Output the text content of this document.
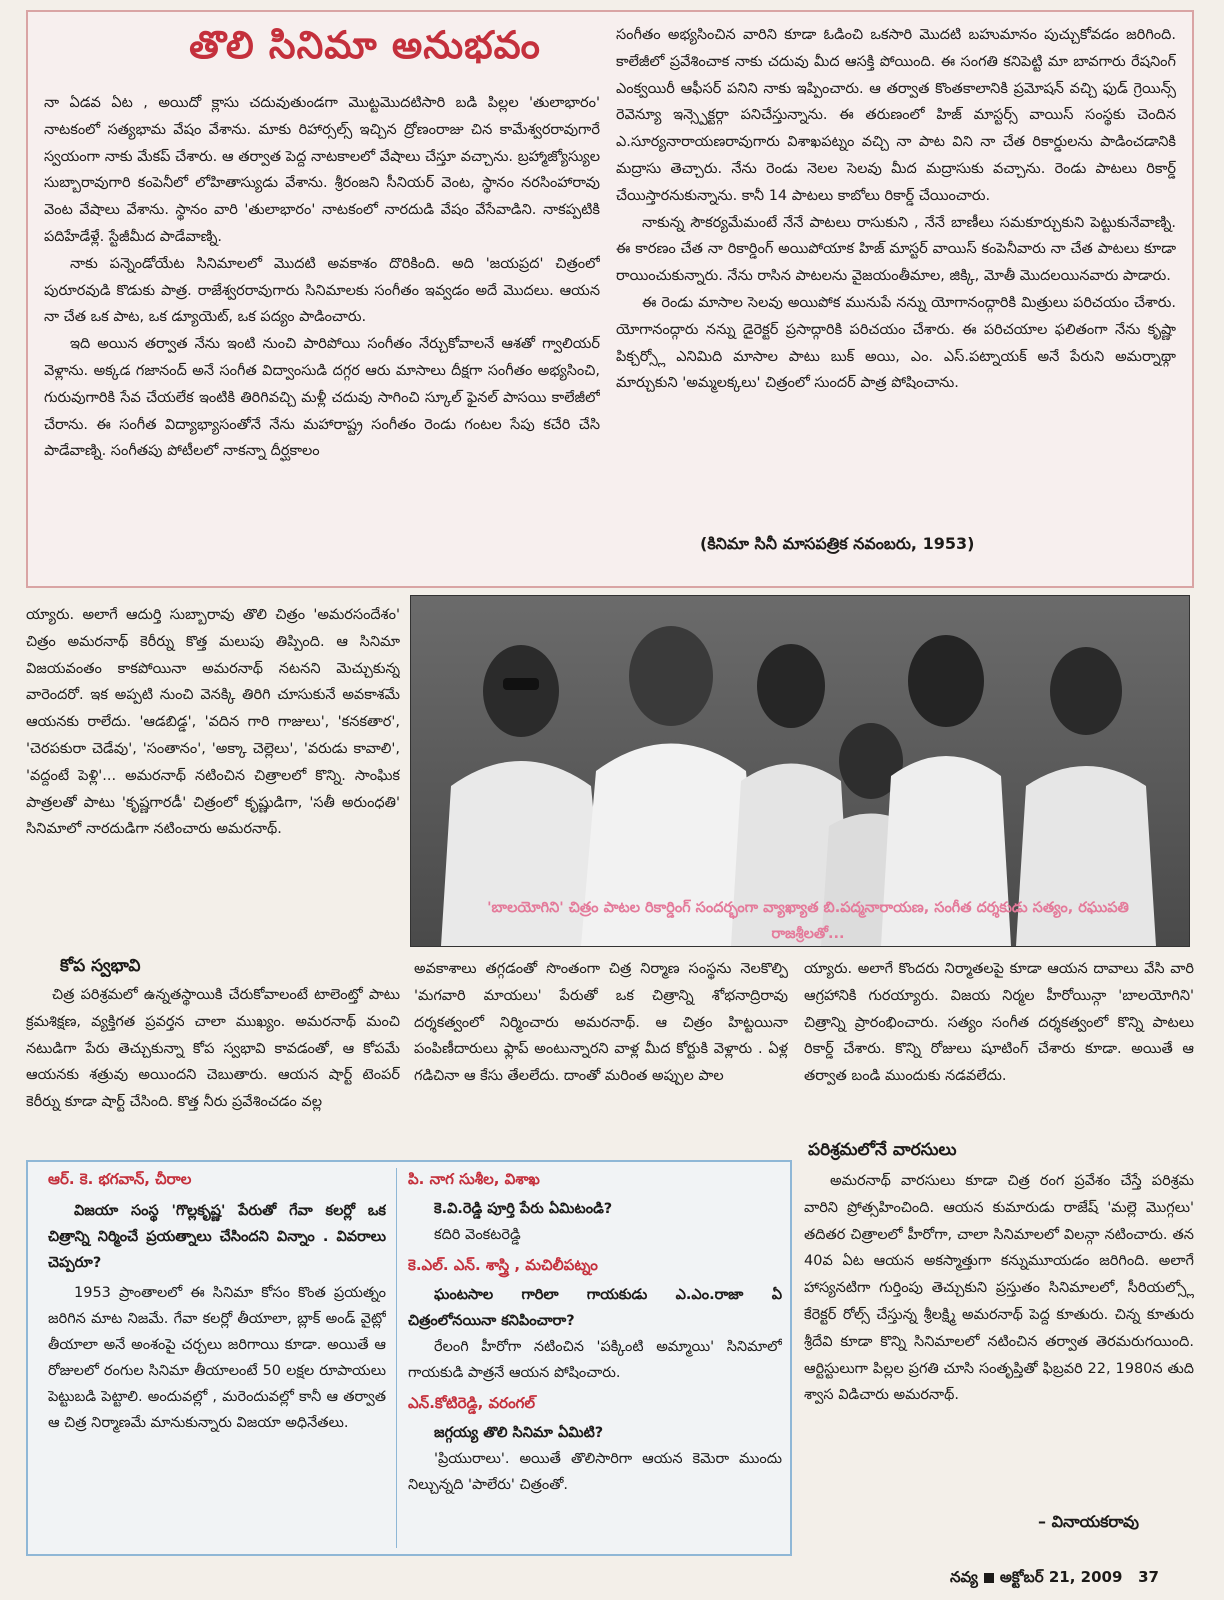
తొలి సినిమా అనుభవం

నా ఏడవ ఏట , అయిదో క్లాసు చదువుతుండగా మొట్టమొదటిసారి బడి పిల్లల 'తులాభారం' నాటకంలో సత్యభామ వేషం వేశాను. మాకు రిహార్సల్స్ ఇచ్చిన ద్రోణంరాజు చిన కామేశ్వరరావుగారే స్వయంగా నాకు మేకప్ చేశారు. ఆ తర్వాత పెద్ద నాటకాలలో వేషాలు చేస్తూ వచ్చాను. బ్రహ్మాజ్యోస్యుల సుబ్బారావుగారి కంపెనీలో లోహితాస్యుడు వేశాను. శ్రీరంజని సీనియర్ వెంట, స్థానం నరసింహారావు వెంట వేషాలు వేశాను. స్థానం వారి 'తులాభారం' నాటకంలో నారదుడి వేషం వేసేవాడిని. నాకప్పటికి పదిహేడేళ్లే. స్టేజీమీద పాడేవాణ్ని.

నాకు పన్నెండోయేట సినిమాలలో మొదటి అవకాశం దొరికింది. అది 'జయప్రద' చిత్రంలో పురూరవుడి కొడుకు పాత్ర. రాజేశ్వరరావుగారు సినిమాలకు సంగీతం ఇవ్వడం అదే మొదలు. ఆయన నా చేత ఒక పాట, ఒక డ్యూయెట్, ఒక పద్యం పాడించారు.

ఇది అయిన తర్వాత నేను ఇంటి నుంచి పారిపోయి సంగీతం నేర్చుకోవాలనే ఆశతో గ్వాలియర్ వెళ్లాను. అక్కడ గజానంద్ అనే సంగీత విద్వాంసుడి దగ్గర ఆరు మాసాలు దీక్షగా సంగీతం అభ్యసించి, గురువుగారికి సేవ చేయలేక ఇంటికి తిరిగివచ్చి మళ్లీ చదువు సాగించి స్కూల్ ఫైనల్ పాసయి కాలేజీలో చేరాను. ఈ సంగీత విద్యాభ్యాసంతోనే నేను మహారాష్ట్ర సంగీతం రెండు గంటల సేపు కచేరి చేసి పాడేవాణ్ని. సంగీతపు పోటీలలో నాకన్నా దీర్ఘకాలం

సంగీతం అభ్యసించిన వారిని కూడా ఓడించి ఒకసారి మొదటి బహుమానం పుచ్చుకోవడం జరిగింది. కాలేజీలో ప్రవేశించాక నాకు చదువు మీద ఆసక్తి పోయింది. ఈ సంగతి కనిపెట్టి మా బావగారు రేషనింగ్ ఎంక్వయిరీ ఆఫీసర్ పనిని నాకు ఇప్పించారు. ఆ తర్వాత కొంతకాలానికి ప్రమోషన్ వచ్చి ఫుడ్ గ్రెయిన్స్ రెవెన్యూ ఇన్స్పెక్టర్గా పనిచేస్తున్నాను. ఈ తరుణంలో హిజ్ మాస్టర్స్ వాయిస్ సంస్థకు చెందిన ఎ.సూర్యనారాయణరావుగారు విశాఖపట్నం వచ్చి నా పాట విని నా చేత రికార్డులను పాడించడానికి మద్రాసు తెచ్చారు. నేను రెండు నెలల సెలవు మీద మద్రాసుకు వచ్చాను. రెండు పాటలు రికార్డ్ చేయిస్తారనుకున్నాను. కానీ 14 పాటలు కాబోలు రికార్డ్ చేయించారు.

నాకున్న సౌకర్యమేమంటే నేనే పాటలు రాసుకుని , నేనే బాణీలు సమకూర్చుకుని పెట్టుకునేవాణ్ని. ఈ కారణం చేత నా రికార్డింగ్ అయిపోయాక హిజ్ మాస్టర్ వాయిస్ కంపెనీవారు నా చేత పాటలు కూడా రాయించుకున్నారు. నేను రాసిన పాటలను వైజయంతీమాల, జిక్కి, మోతీ మొదలయినవారు పాడారు.

ఈ రెండు మాసాల సెలవు అయిపోక మునుపే నన్ను యోగానంద్గారికి మిత్రులు పరిచయం చేశారు. యోగానంద్గారు నన్ను డైరెక్టర్ ప్రసాద్గారికి పరిచయం చేశారు. ఈ పరిచయాల ఫలితంగా నేను కృష్ణా పిక్చర్స్లో ఎనిమిది మాసాల పాటు బుక్ అయి, ఎం. ఎస్.పట్నాయక్ అనే పేరుని అమర్నాథ్గా మార్చుకుని 'అమ్మలక్కలు' చిత్రంలో సుందర్ పాత్ర పోషించాను.

(కినిమా సినీ మాసపత్రిక నవంబరు, 1953)

య్యారు. అలాగే ఆదుర్తి సుబ్బారావు తొలి చిత్రం 'అమరసందేశం' చిత్రం అమరనాథ్ కెరీర్ను కొత్త మలుపు తిప్పింది. ఆ సినిమా విజయవంతం కాకపోయినా అమరనాథ్ నటనని మెచ్చుకున్న వారెందరో. ఇక అప్పటి నుంచి వెనక్కి తిరిగి చూసుకునే అవకాశమే ఆయనకు రాలేదు. 'ఆడబిడ్డ', 'వదిన గారి గాజులు', 'కనకతార', 'చెరపకురా చెడేవు', 'సంతానం', 'అక్కా చెల్లెలు', 'వరుడు కావాలి', 'వద్దంటే పెళ్లి'... అమరనాథ్ నటించిన చిత్రాలలో కొన్ని. సాంఘిక పాత్రలతో పాటు 'కృష్ణగారడీ' చిత్రంలో కృష్ణుడిగా, 'సతీ అరుంధతి' సినిమాలో నారదుడిగా నటించారు అమరనాథ్.

కోప స్వభావి

చిత్ర పరిశ్రమలో ఉన్నతస్థాయికి చేరుకోవాలంటే టాలెంట్తో పాటు క్రమశిక్షణ, వ్యక్తిగత ప్రవర్తన చాలా ముఖ్యం. అమరనాథ్ మంచి నటుడిగా పేరు తెచ్చుకున్నా కోప స్వభావి కావడంతో, ఆ కోపమే ఆయనకు శత్రువు అయిందని చెబుతారు. ఆయన షార్ట్ టెంపర్ కెరీర్ను కూడా షార్ట్ చేసింది. కొత్త నీరు ప్రవేశించడం వల్ల

'బాలయోగిని' చిత్రం పాటల రికార్డింగ్ సందర్భంగా వ్యాఖ్యాత బి.పద్మనారాయణ, సంగీత దర్శకుడు సత్యం, రఘుపతి రాజశ్రీలతో...

అవకాశాలు తగ్గడంతో సొంతంగా చిత్ర నిర్మాణ సంస్థను నెలకొల్పి 'మగవారి మాయలు' పేరుతో ఒక చిత్రాన్ని శోభనాద్రిరావు దర్శకత్వంలో నిర్మించారు అమరనాథ్. ఆ చిత్రం హిట్టయినా పంపిణీదారులు ఫ్లాప్ అంటున్నారని వాళ్ల మీద కోర్టుకి వెళ్లారు . ఏళ్ల గడిచినా ఆ కేసు తేలలేదు. దాంతో మరింత అప్పుల పాల

య్యారు. అలాగే కొందరు నిర్మాతలపై కూడా ఆయన దావాలు వేసి వారి ఆగ్రహానికి గురయ్యారు. విజయ నిర్మల హీరోయిన్గా 'బాలయోగిని' చిత్రాన్ని ప్రారంభించారు. సత్యం సంగీత దర్శకత్వంలో కొన్ని పాటలు రికార్డ్ చేశారు. కొన్ని రోజులు షూటింగ్ చేశారు కూడా. అయితే ఆ తర్వాత బండి ముందుకు నడవలేదు.

పరిశ్రమలోనే వారసులు

అమరనాథ్ వారసులు కూడా చిత్ర రంగ ప్రవేశం చేస్తే పరిశ్రమ వారిని ప్రోత్సహించింది. ఆయన కుమారుడు రాజేష్ 'మల్లె మొగ్గలు' తదితర చిత్రాలలో హీరోగా, చాలా సినిమాలలో విలన్గా నటించారు. తన 40వ ఏట ఆయన అకస్మాత్తుగా కన్నుమూయడం జరిగింది. అలాగే హాస్యనటిగా గుర్తింపు తెచ్చుకుని ప్రస్తుతం సినిమాలలో, సీరియల్స్లో కేరెక్టర్ రోల్స్ చేస్తున్న శ్రీలక్ష్మి అమరనాథ్ పెద్ద కూతురు. చిన్న కూతురు శ్రీదేవి కూడా కొన్ని సినిమాలలో నటించిన తర్వాత తెరమరుగయింది. ఆర్టిస్టులుగా పిల్లల ప్రగతి చూసి సంతృప్తితో ఫిబ్రవరి 22, 1980న తుది శ్వాస విడిచారు అమరనాథ్.

– వినాయకరావు
ఆర్. కె. భగవాన్, చీరాల
విజయా సంస్థ 'గొల్లకృష్ణ' పేరుతో గేవా కలర్లో ఒక చిత్రాన్ని నిర్మించే ప్రయత్నాలు చేసిందని విన్నాం . వివరాలు చెప్పరూ?
1953 ప్రాంతాలలో ఈ సినిమా కోసం కొంత ప్రయత్నం జరిగిన మాట నిజమే. గేవా కలర్లో తీయాలా, బ్లాక్ అండ్ వైట్లో తీయాలా అనే అంశంపై చర్చలు జరిగాయి కూడా. అయితే ఆ రోజులలో రంగుల సినిమా తీయాలంటే 50 లక్షల రూపాయలు పెట్టుబడి పెట్టాలి. అందువల్లో , మరెందువల్లో కానీ ఆ తర్వాత ఆ చిత్ర నిర్మాణమే మానుకున్నారు విజయా అధినేతలు.
పి. నాగ సుశీల, విశాఖ
కె.వి.రెడ్డి పూర్తి పేరు ఏమిటండి?
కదిరి వెంకటరెడ్డి
కె.ఎల్. ఎన్. శాస్త్రి , మచిలీపట్నం
ఘంటసాల గారిలా గాయకుడు ఎ.ఎం.రాజా ఏ చిత్రంలోనయినా కనిపించారా?
రేలంగి హీరోగా నటించిన 'పక్కింటి అమ్మాయి' సినిమాలో గాయకుడి పాత్రనే ఆయన పోషించారు.
ఎన్.కోటిరెడ్డి, వరంగల్
జగ్గయ్య తొలి సినిమా ఏమిటి?
'ప్రియురాలు'. అయితే తొలిసారిగా ఆయన కెమెరా ముందు నిల్చున్నది 'పాలేరు' చిత్రంతో.
నవ్య అక్టోబర్ 21, 2009 37
